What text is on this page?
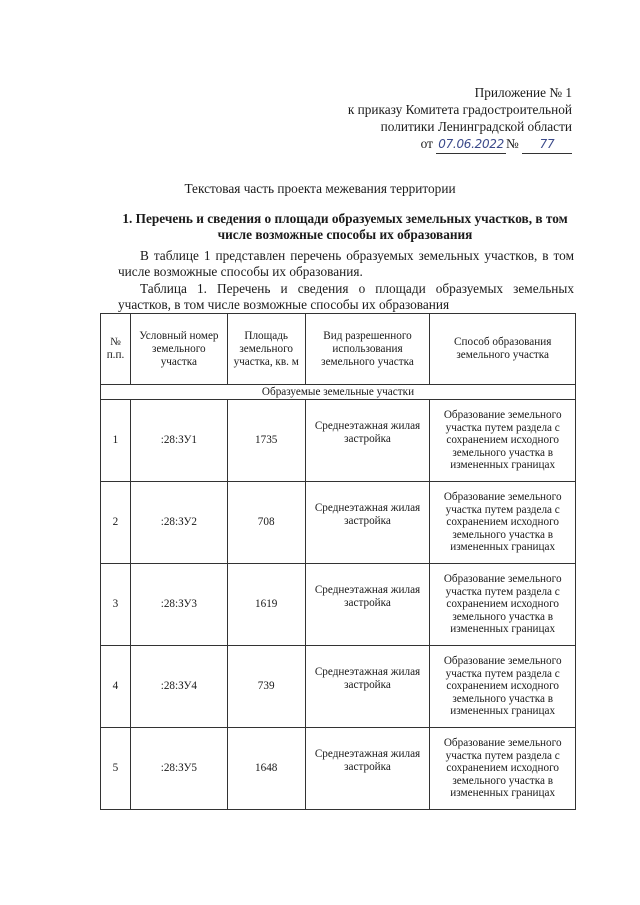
Приложение № 1
к приказу Комитета градостроительной
политики Ленинградской области
от 07.06.2022 № 77
Текстовая часть проекта межевания территории
1. Перечень и сведения о площади образуемых земельных участков, в том числе возможные способы их образования
В таблице 1 представлен перечень образуемых земельных участков, в том числе возможные способы их образования.
Таблица 1. Перечень и сведения о площади образуемых земельных участков, в том числе возможные способы их образования
№ п.п.	Условный номер земельного участка	Площадь земельного участка, кв. м	Вид разрешенного использования земельного участка	Способ образования земельного участка
Образуемые земельные участки				
1	:28:ЗУ1	1735	Среднеэтажная жилая застройка	Образование земельного участка путем раздела с сохранением исходного земельного участка в измененных границах
2	:28:ЗУ2	708	Среднеэтажная жилая застройка	Образование земельного участка путем раздела с сохранением исходного земельного участка в измененных границах
3	:28:ЗУ3	1619	Среднеэтажная жилая застройка	Образование земельного участка путем раздела с сохранением исходного земельного участка в измененных границах
4	:28:ЗУ4	739	Среднеэтажная жилая застройка	Образование земельного участка путем раздела с сохранением исходного земельного участка в измененных границах
5	:28:ЗУ5	1648	Среднеэтажная жилая застройка	Образование земельного участка путем раздела с сохранением исходного земельного участка в измененных границах
